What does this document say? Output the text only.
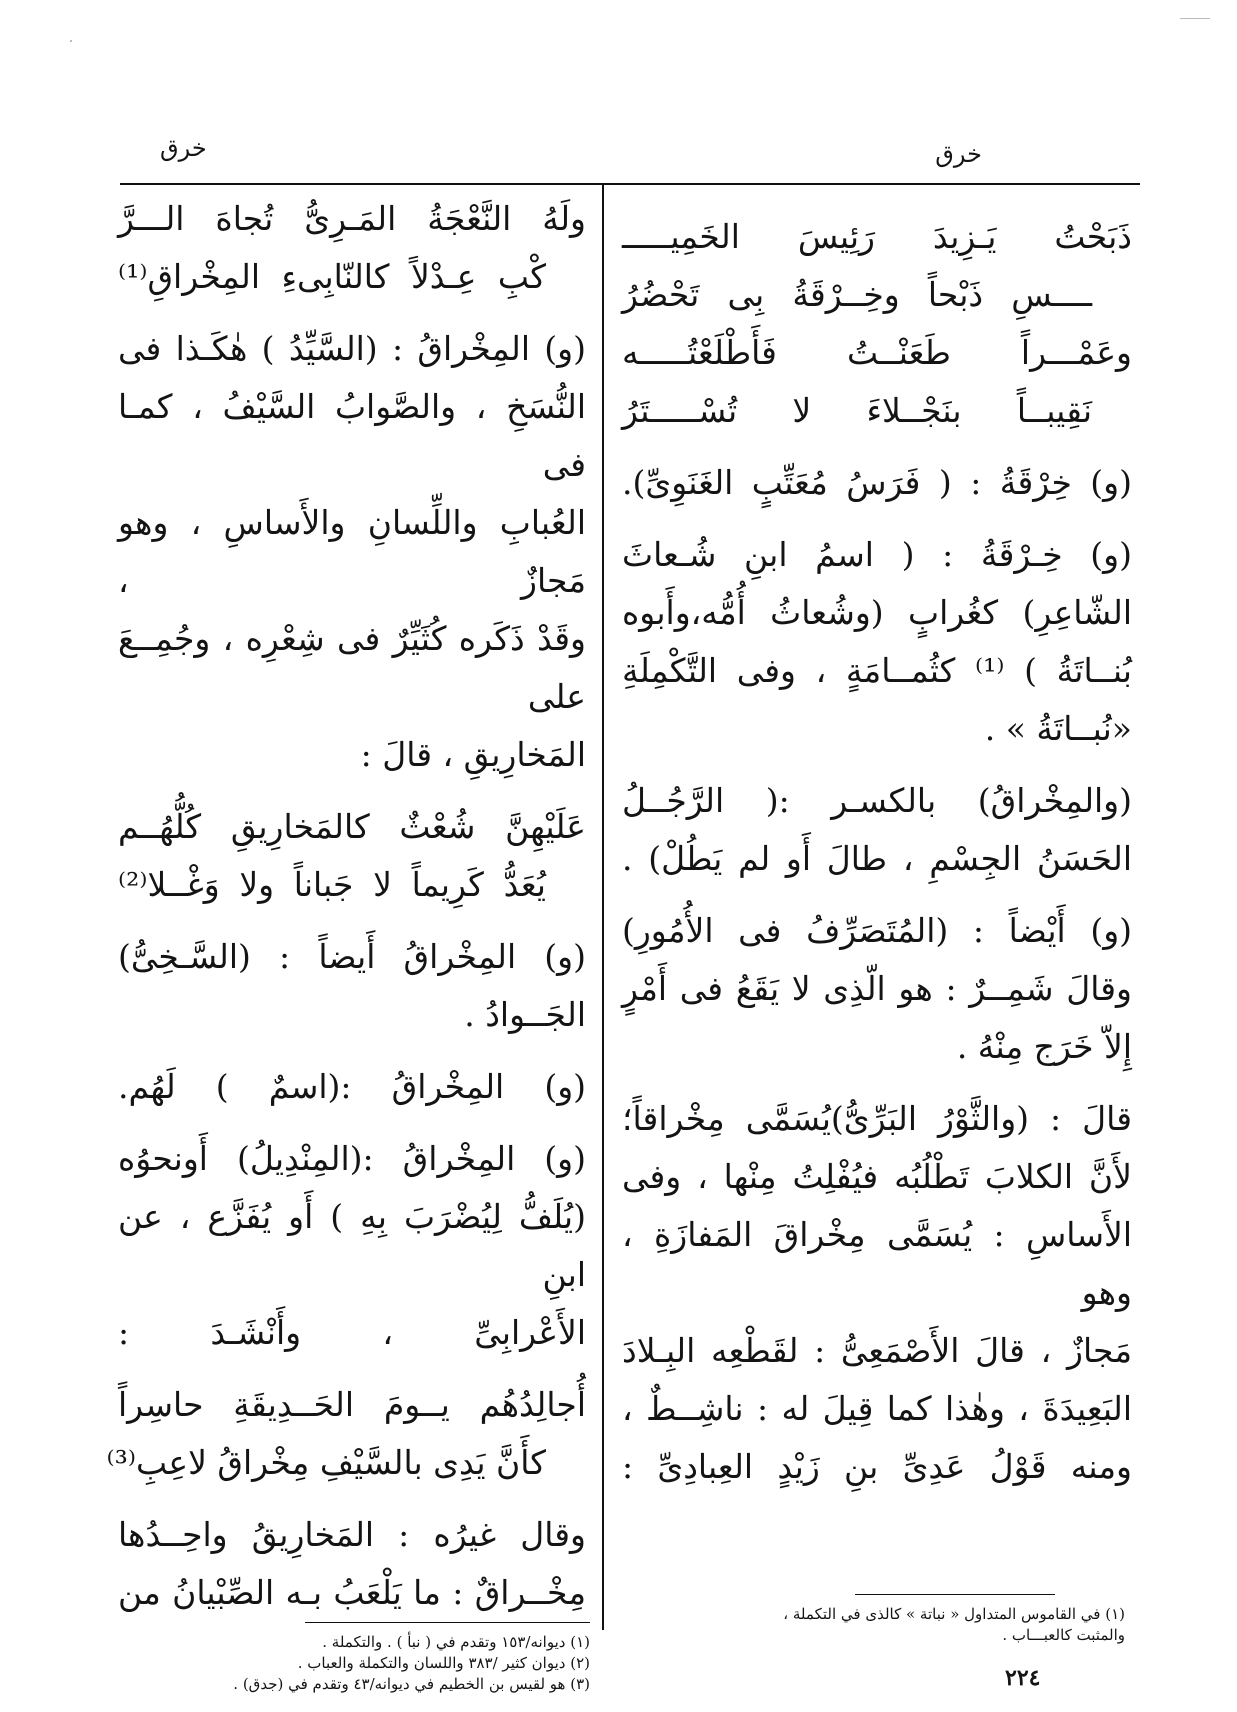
خرق
خرق
ذَبَحْتُ يَـزِيدَ رَئِيسَ الخَمِيـــــ
ــــسِ ذَبْحاً وخِــرْقَةُ بِى تَحْضُرُ
وعَمْـــراً طَعَنْــتُ فَأَطْلَعْتُـــــه
نَقِيبــاً بنَجْــلاءَ لا تُسْـــــتَرُ
(و) خِرْقَةُ : ( فَرَسُ مُعَتِّبٍ الغَنَوِىِّ).
(و) خِـرْقَةُ : ( اسمُ ابنِ شُـعاثَ
الشّاعِرِ) كغُرابٍ (وشُعاثُ أُمُّه،وأَبوه
بُنــاتَةُ ) ⁽¹⁾ كثُمــامَةٍ ، وفى التَّكْمِلَةِ
«نُبــاتَةُ » .
(والمِخْراقُ) بالكسـر :( الرَّجُــلُ
الحَسَنُ الجِسْمِ ، طالَ أَو لم يَطُلْ) .
(و) أَيْضاً : (المُتَصَرِّفُ فى الأُمُورِ)
وقالَ شَمِــرٌ : هو الّذِى لا يَقَعُ فى أَمْرٍ
إِلاّ خَرَج مِنْهُ .
قالَ : (والثَّوْرُ البَرِّىُّ)يُسَمَّى مِخْراقاً؛
لأَنَّ الكلابَ تَطْلُبُه فيُفْلِتُ مِنْها ، وفى
الأَساسِ : يُسَمَّى مِخْراقَ المَفازَةِ ، وهو
مَجازٌ ، قالَ الأَصْمَعِىُّ : لقَطْعِه البِـلادَ
البَعِيدَةَ ، وهٰذا كما قِيلَ له : ناشِــطٌ ،
ومنه قَوْلُ عَدِىِّ بنِ زَيْدٍ العِبادِىِّ :
ولَهُ النَّعْجَةُ المَـرِىُّ تُجاهَ الـــرَّ
كْبِ عِـدْلاً كالنّابِىءِ المِخْراقِ⁽¹⁾
(و) المِخْراقُ : (السَّيِّدُ ) هٰكَـذا فى
النُّسَخِ ، والصَّوابُ السَّيْفُ ، كمـا فى
العُبابِ واللِّسانِ والأَساسِ ، وهو مَجازٌ ،
وقَدْ ذَكَره كُثَيِّرٌ فى شِعْرِه ، وجُمِــعَ على
المَخارِيقِ ، قالَ :
عَلَيْهِنَّ شُعْثٌ كالمَخارِيقِ كُلُّهُــم
يُعَدُّ كَرِيماً لا جَباناً ولا وَغْــلا⁽²⁾
(و) المِخْراقُ أَيضاً : (السَّـخِىُّ)
الجَــوادُ .
(و) المِخْراقُ :(اسمٌ ) لَهُم.
(و) المِخْراقُ :(المِنْدِيلُ) أَونحوُه
(يُلَفُّ لِيُضْرَبَ بِهِ ) أَو يُفَزَّع ، عن ابنِ
الأَعْرابِىِّ ، وأَنْشَـدَ :
أُجالِدُهُم يــومَ الحَــدِيقَةِ حاسِراً
كأَنَّ يَدِى بالسَّيْفِ مِخْراقُ لاعِبِ⁽³⁾
وقال غيرُه : المَخارِيقُ واحِــدُها
مِخْــراقٌ : ما يَلْعَبُ بـه الصِّبْيانُ من
(١) ديوانه/١٥٣ وتقدم في ( نبأ ) . والتكملة .
(٢) ديوان كثير /٣٨٣ واللسان والتكملة والعباب .
(٣) هو لقيس بن الخطيم في ديوانه/٤٣ وتقدم في (جدق) .
(١) في القاموس المتداول « نباتة » كالذى في التكملة ،
والمثبت كالعبـــاب .
٢٢٤
